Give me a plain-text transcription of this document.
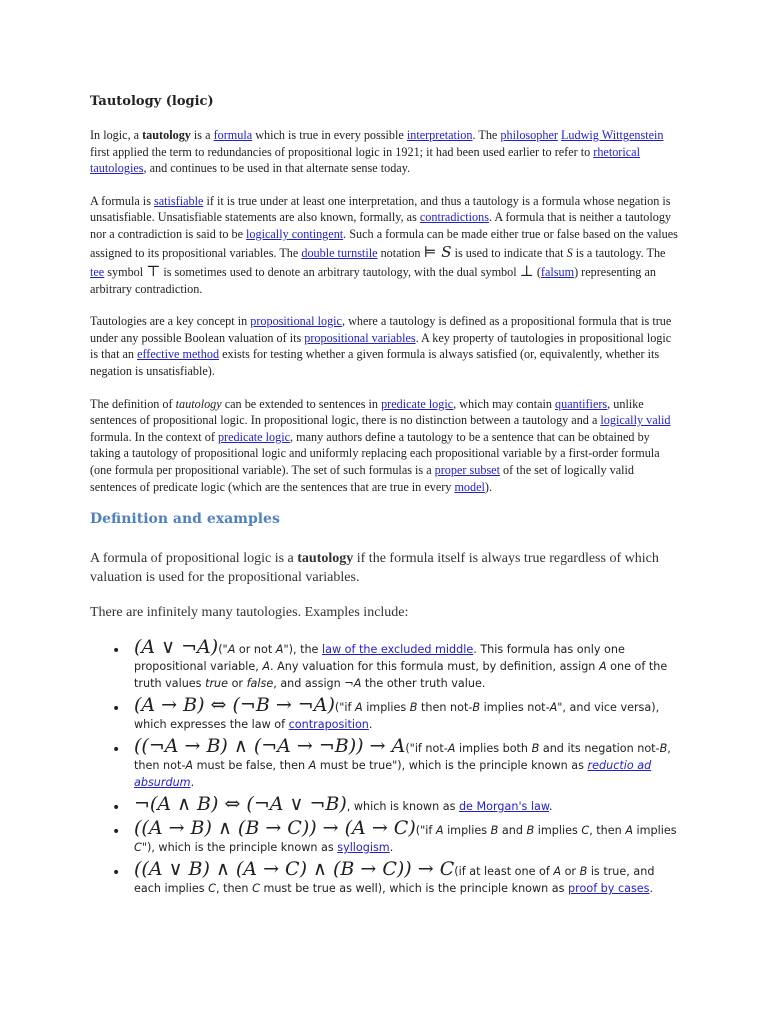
Tautology (logic)

In logic, a tautology is a formula which is true in every possible interpretation. The philosopher Ludwig Wittgenstein first applied the term to redundancies of propositional logic in 1921; it had been used earlier to refer to rhetorical tautologies, and continues to be used in that alternate sense today.

A formula is satisfiable if it is true under at least one interpretation, and thus a tautology is a formula whose negation is unsatisfiable. Unsatisfiable statements are also known, formally, as contradictions. A formula that is neither a tautology nor a contradiction is said to be logically contingent. Such a formula can be made either true or false based on the values assigned to its propositional variables. The double turnstile notation ⊨ S is used to indicate that S is a tautology. The tee symbol ⊤ is sometimes used to denote an arbitrary tautology, with the dual symbol ⊥ (falsum) representing an arbitrary contradiction.

Tautologies are a key concept in propositional logic, where a tautology is defined as a propositional formula that is true under any possible Boolean valuation of its propositional variables. A key property of tautologies in propositional logic is that an effective method exists for testing whether a given formula is always satisfied (or, equivalently, whether its negation is unsatisfiable).

The definition of tautology can be extended to sentences in predicate logic, which may contain quantifiers, unlike sentences of propositional logic. In propositional logic, there is no distinction between a tautology and a logically valid formula. In the context of predicate logic, many authors define a tautology to be a sentence that can be obtained by taking a tautology of propositional logic and uniformly replacing each propositional variable by a first-order formula (one formula per propositional variable). The set of such formulas is a proper subset of the set of logically valid sentences of predicate logic (which are the sentences that are true in every model).

Definition and examples

A formula of propositional logic is a tautology if the formula itself is always true regardless of which valuation is used for the propositional variables.

There are infinitely many tautologies. Examples include:

• (A ∨ ¬A)("A or not A"), the law of the excluded middle. This formula has only one propositional variable, A. Any valuation for this formula must, by definition, assign A one of the truth values true or false, and assign ¬A the other truth value.
• (A → B) ⇔ (¬B → ¬A)("if A implies B then not-B implies not-A", and vice versa), which expresses the law of contraposition.
• ((¬A → B) ∧ (¬A → ¬B)) → A("if not-A implies both B and its negation not-B, then not-A must be false, then A must be true"), which is the principle known as reductio ad absurdum.
• ¬(A ∧ B) ⇔ (¬A ∨ ¬B), which is known as de Morgan's law.
• ((A → B) ∧ (B → C)) → (A → C)("if A implies B and B implies C, then A implies C"), which is the principle known as syllogism.
• ((A ∨ B) ∧ (A → C) ∧ (B → C)) → C(if at least one of A or B is true, and each implies C, then C must be true as well), which is the principle known as proof by cases.
